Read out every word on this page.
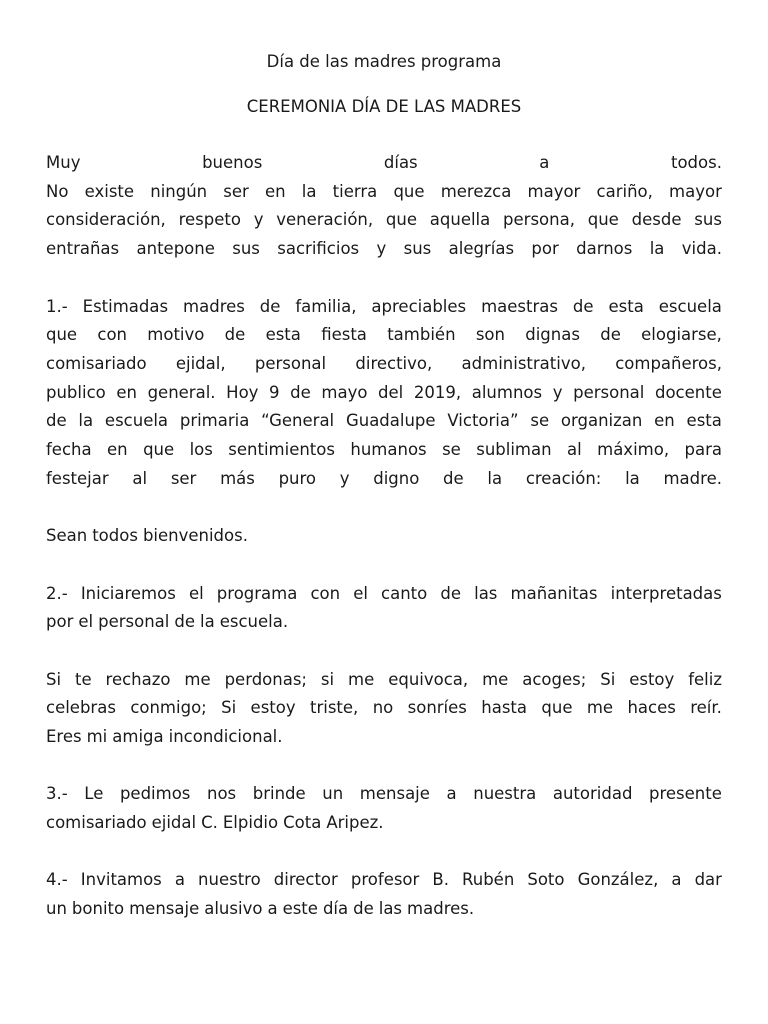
Día de las madres programa

CEREMONIA DÍA DE LAS MADRES

Muy	buenos	días	a	todos.
No existe ningún ser en la tierra que merezca mayor cariño, mayor
consideración, respeto y veneración, que aquella persona, que desde sus
entrañas antepone sus sacrificios y sus alegrías por darnos la vida.
1.- Estimadas madres de familia, apreciables maestras de esta escuela
que con motivo de esta fiesta también son dignas de elogiarse,
comisariado ejidal, personal directivo, administrativo, compañeros,
publico en general. Hoy 9 de mayo del 2019, alumnos y personal docente
de la escuela primaria “General Guadalupe Victoria” se organizan en esta
fecha en que los sentimientos humanos se subliman al máximo, para
festejar al ser más puro y digno de la creación: la madre.
Sean todos bienvenidos.
2.- Iniciaremos el programa con el canto de las mañanitas interpretadas
por el personal de la escuela.
Si te rechazo me perdonas; si me equivoca, me acoges; Si estoy feliz
celebras conmigo; Si estoy triste, no sonríes hasta que me haces reír.
Eres mi amiga incondicional.
3.- Le pedimos nos brinde un mensaje a nuestra autoridad presente
comisariado ejidal C. Elpidio Cota Aripez.
4.- Invitamos a nuestro director profesor B. Rubén Soto González, a dar
un bonito mensaje alusivo a este día de las madres.
